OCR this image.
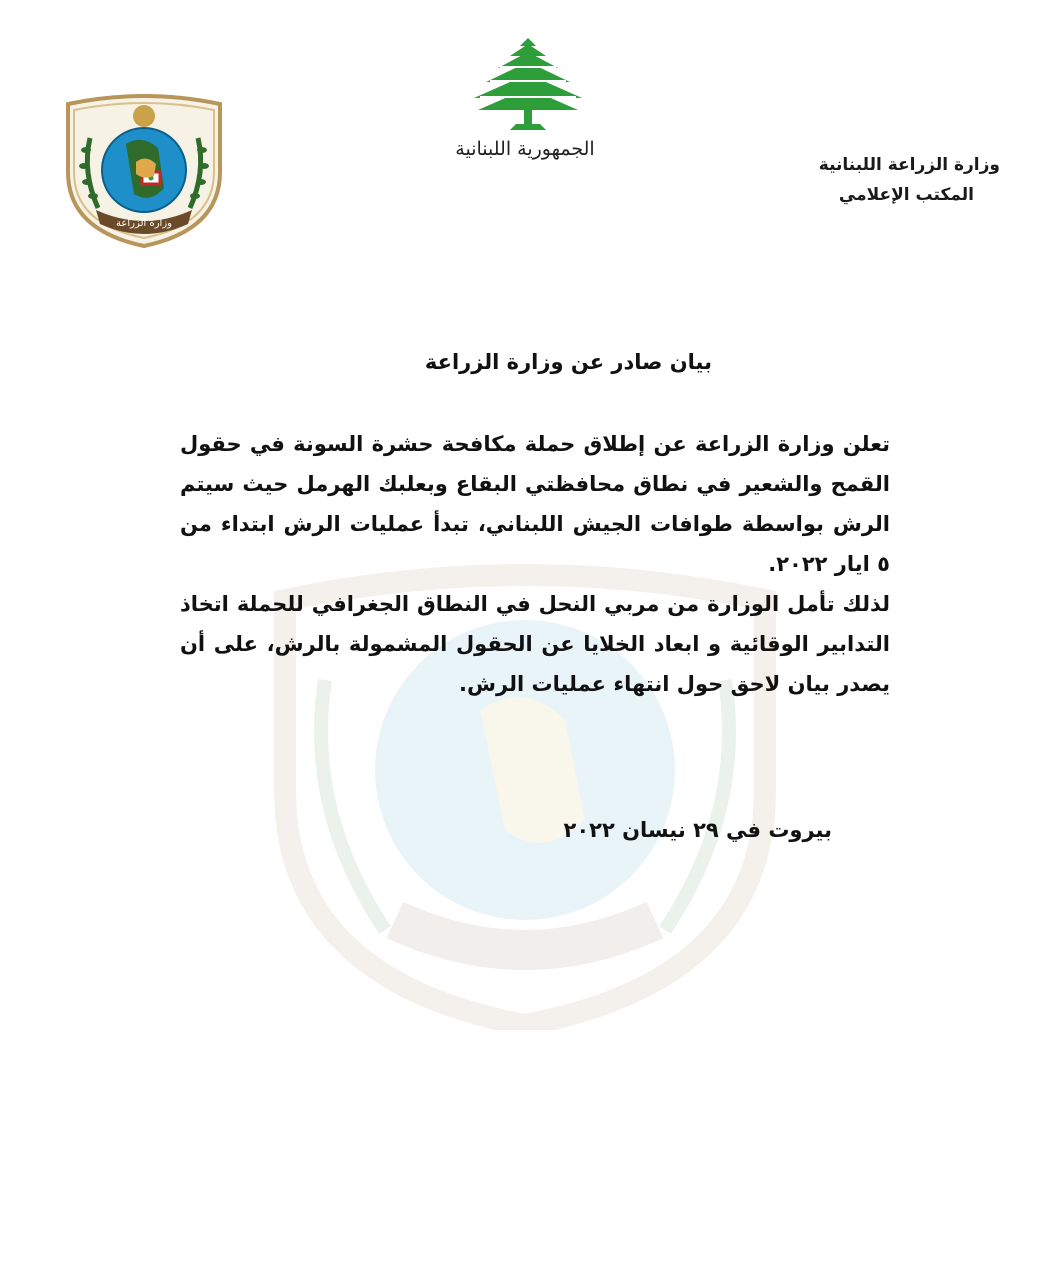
وزارة الزراعة
الجمهورية اللبنانية
وزارة الزراعة اللبنانية
المكتب الإعلامي
بيان صادر عن وزارة الزراعة

تعلن وزارة الزراعة عن إطلاق حملة مكافحة حشرة السونة في حقول القمح والشعير في نطاق محافظتي البقاع وبعلبك الهرمل حيث سيتم الرش بواسطة طوافات الجيش اللبناني، تبدأ عمليات الرش ابتداء من ٥ ايار ٢٠٢٢.

لذلك تأمل الوزارة من مربي النحل في النطاق الجغرافي للحملة اتخاذ التدابير الوقائية و ابعاد الخلايا عن الحقول المشمولة بالرش، على أن يصدر بيان لاحق حول انتهاء عمليات الرش.

بيروت في ٢٩ نيسان ٢٠٢٢
